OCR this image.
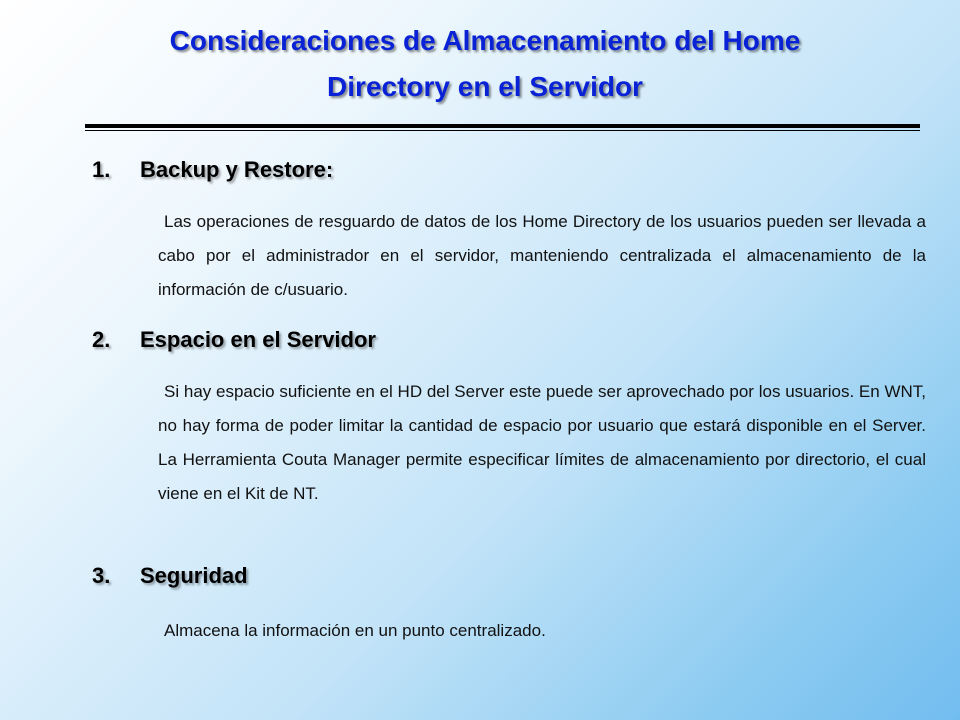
Consideraciones de Almacenamiento del Home
Directory en el Servidor
1.	Backup y Restore:
Las operaciones de resguardo de datos de los Home Directory de los usuarios pueden ser llevada a cabo por el administrador en el servidor, manteniendo centralizada el almacenamiento de la información de c/usuario.
2.	Espacio en el Servidor
Si hay espacio suficiente en el HD del Server este puede ser aprovechado por los usuarios. En WNT, no hay forma de poder limitar la cantidad de espacio por usuario que estará disponible en el Server. La Herramienta Couta Manager permite especificar límites de almacenamiento por directorio, el cual viene en el Kit de NT.
3.	Seguridad
Almacena la información en un punto centralizado.
